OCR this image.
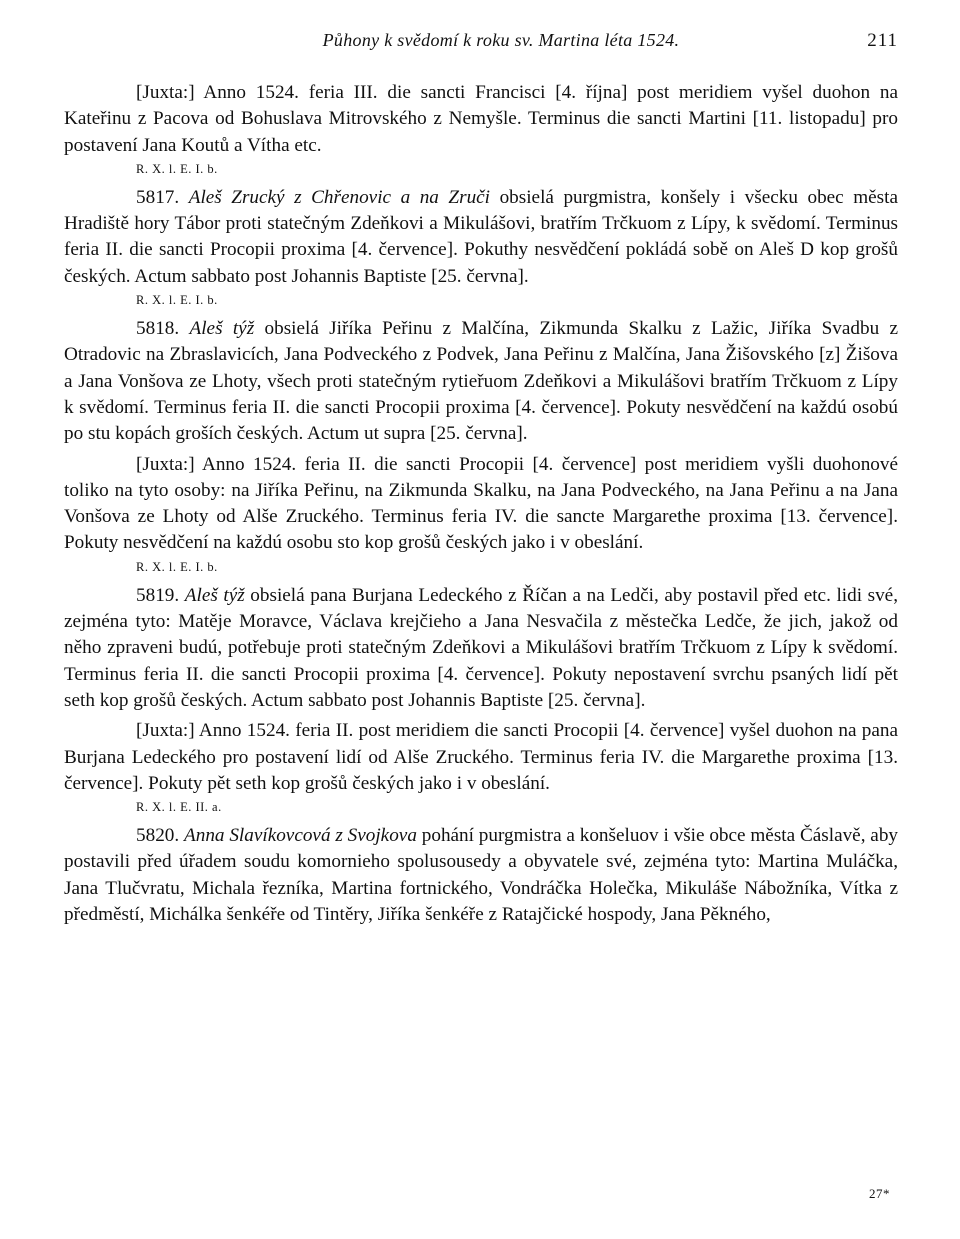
Půhony k svědomí k roku sv. Martina léta 1524.	211

[Juxta:] Anno 1524. feria III. die sancti Francisci [4. října] post meridiem vyšel duohon na Kateřinu z Pacova od Bohuslava Mitrovského z Nemyšle. Terminus die sancti Martini [11. listopadu] pro postavení Jana Koutů a Vítha etc.

R. X. l. E. I. b.

5817. Aleš Zrucký z Chřenovic a na Zruči obsielá purgmistra, konšely i všecku obec města Hradiště hory Tábor proti statečným Zdeňkovi a Mikulášovi, bratřím Trčkuom z Lípy, k svědomí. Terminus feria II. die sancti Procopii proxima [4. července]. Pokuthy nesvědčení pokládá sobě on Aleš D kop grošů českých. Actum sabbato post Johannis Baptiste [25. června].

R. X. l. E. I. b.

5818. Aleš týž obsielá Jiříka Peřinu z Malčína, Zikmunda Skalku z Lažic, Jiříka Svadbu z Otradovic na Zbraslavicích, Jana Podveckého z Podvek, Jana Peřinu z Malčína, Jana Žišovského [z] Žišova a Jana Vonšova ze Lhoty, všech proti statečným rytieřuom Zdeňkovi a Mikulášovi bratřím Trčkuom z Lípy k svědomí. Terminus feria II. die sancti Procopii proxima [4. července]. Pokuty nesvědčení na každú osobú po stu kopách groších českých. Actum ut supra [25. června].

[Juxta:] Anno 1524. feria II. die sancti Procopii [4. července] post meridiem vyšli duohonové toliko na tyto osoby: na Jiříka Peřinu, na Zikmunda Skalku, na Jana Podveckého, na Jana Peřinu a na Jana Vonšova ze Lhoty od Alše Zruckého. Terminus feria IV. die sancte Margarethe proxima [13. července]. Pokuty nesvědčení na každú osobu sto kop grošů českých jako i v obeslání.

R. X. l. E. I. b.

5819. Aleš týž obsielá pana Burjana Ledeckého z Říčan a na Ledči, aby postavil před etc. lidi své, zejména tyto: Matěje Moravce, Václava krejčieho a Jana Nesvačila z městečka Ledče, že jich, jakož od něho zpraveni budú, potřebuje proti statečným Zdeňkovi a Mikulášovi bratřím Trčkuom z Lípy k svědomí. Terminus feria II. die sancti Procopii proxima [4. července]. Pokuty nepostavení svrchu psaných lidí pět seth kop grošů českých. Actum sabbato post Johannis Baptiste [25. června].

[Juxta:] Anno 1524. feria II. post meridiem die sancti Procopii [4. července] vyšel duohon na pana Burjana Ledeckého pro postavení lidí od Alše Zruckého. Terminus feria IV. die Margarethe proxima [13. července]. Pokuty pět seth kop grošů českých jako i v obeslání.

R. X. l. E. II. a.

5820. Anna Slavíkovcová z Svojkova pohání purgmistra a konšeluov i všie obce města Čáslavě, aby postavili před úřadem soudu komornieho spolusousedy a obyvatele své, zejména tyto: Martina Muláčka, Jana Tlučvratu, Michala řezníka, Martina fortnického, Vondráčka Holečka, Mikuláše Nábožníka, Vítka z předměstí, Michálka šenkéře od Tintěry, Jiříka šenkéře z Ratajčické hospody, Jana Pěkného,

27*
